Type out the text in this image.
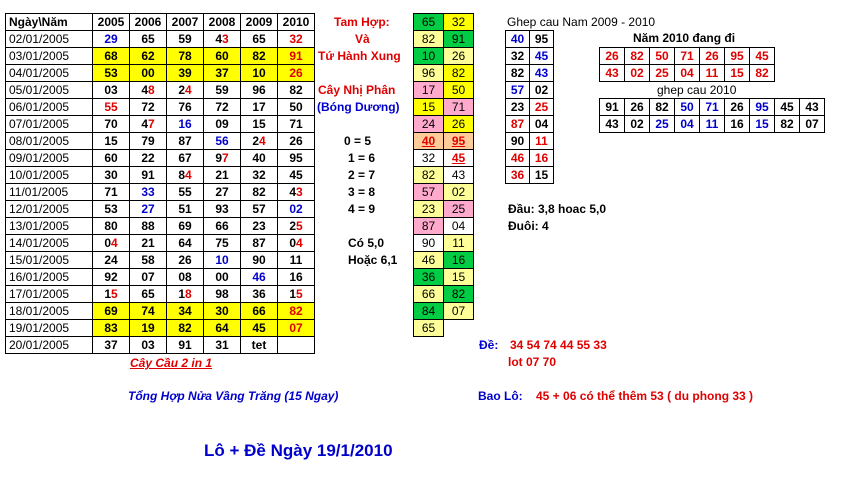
Ngày\Năm	2005	2006	2007	2008	2009	2010
02/01/2005	29	65	59	43	65	32
03/01/2005	68	62	78	60	82	91
04/01/2005	53	00	39	37	10	26
05/01/2005	03	48	24	59	96	82
06/01/2005	55	72	76	72	17	50
07/01/2005	70	47	16	09	15	71
08/01/2005	15	79	87	56	24	26
09/01/2005	60	22	67	97	40	95
10/01/2005	30	91	84	21	32	45
11/01/2005	71	33	55	27	82	43
12/01/2005	53	27	51	93	57	02
13/01/2005	80	88	69	66	23	25
14/01/2005	04	21	64	75	87	04
15/01/2005	24	58	26	10	90	11
16/01/2005	92	07	08	00	46	16
17/01/2005	15	65	18	98	36	15
18/01/2005	69	74	34	30	66	82
19/01/2005	83	19	82	64	45	07
20/01/2005	37	03	91	31	tet	
65	32
82	91
10	26
96	82
17	50
15	71
24	26
40	95
32	45
82	43
57	02
23	25
87	04
90	11
46	16
36	15
66	82
84	07
65	
Tam Hợp:
Và
Tứ Hành Xung
Cây Nhị Phân
(Bóng Dương)
0 = 5
1 = 6
2 = 7
3 = 8
4 = 9
Có 5,0
Hoặc 6,1
Ghep cau Nam 2009 - 2010
40	95
32	45
82	43
57	02
23	25
87	04
90	11
46	16
36	15
Năm 2010 đang đi
26	82	50	71	26	95	45
43	02	25	04	11	15	82
ghep cau 2010
91	26	82	50	71	26	95	45	43
43	02	25	04	11	16	15	82	07
Đầu: 3,8 hoac 5,0
Đuôi: 4
Đề: 34 54 74 44 55 33
lot 07 70
Cây Cầu 2 in 1
Tổng Hợp Nửa Vầng Trăng (15 Ngay)	Bao Lô: 45 + 06 có thể thêm 53 ( du phong 33 )
Lô + Đề Ngày 19/1/2010
